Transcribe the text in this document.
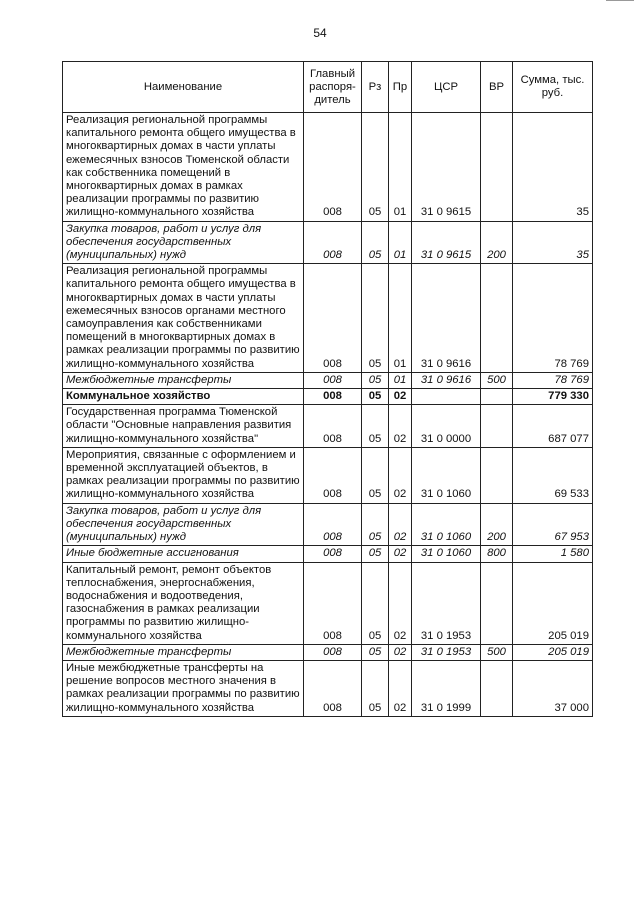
54
Наименование	Главный распоря-дитель	Рз	Пр	ЦСР	ВР	Сумма, тыс. руб.
Реализация региональной программы капитального ремонта общего имущества в многоквартирных домах в части уплаты ежемесячных взносов Тюменской области как собственника помещений в многоквартирных домах в рамках реализации программы по развитию жилищно-коммунального хозяйства	008	05	01	31 0 9615		35
Закупка товаров, работ и услуг для обеспечения государственных (муниципальных) нужд	008	05	01	31 0 9615	200	35
Реализация региональной программы капитального ремонта общего имущества в многоквартирных домах в части уплаты ежемесячных взносов органами местного самоуправления как собственниками помещений в многоквартирных домах в рамках реализации программы по развитию жилищно-коммунального хозяйства	008	05	01	31 0 9616		78 769
Межбюджетные трансферты	008	05	01	31 0 9616	500	78 769
Коммунальное хозяйство	008	05	02			779 330
Государственная программа Тюменской области "Основные направления развития жилищно-коммунального хозяйства"	008	05	02	31 0 0000		687 077
Мероприятия, связанные с оформлением и временной эксплуатацией объектов, в рамках реализации программы по развитию жилищно-коммунального хозяйства	008	05	02	31 0 1060		69 533
Закупка товаров, работ и услуг для обеспечения государственных (муниципальных) нужд	008	05	02	31 0 1060	200	67 953
Иные бюджетные ассигнования	008	05	02	31 0 1060	800	1 580
Капитальный ремонт, ремонт объектов теплоснабжения, энергоснабжения, водоснабжения и водоотведения, газоснабжения в рамках реализации программы по развитию жилищно-коммунального хозяйства	008	05	02	31 0 1953		205 019
Межбюджетные трансферты	008	05	02	31 0 1953	500	205 019
Иные межбюджетные трансферты на решение вопросов местного значения в рамках реализации программы по развитию жилищно-коммунального хозяйства	008	05	02	31 0 1999		37 000
